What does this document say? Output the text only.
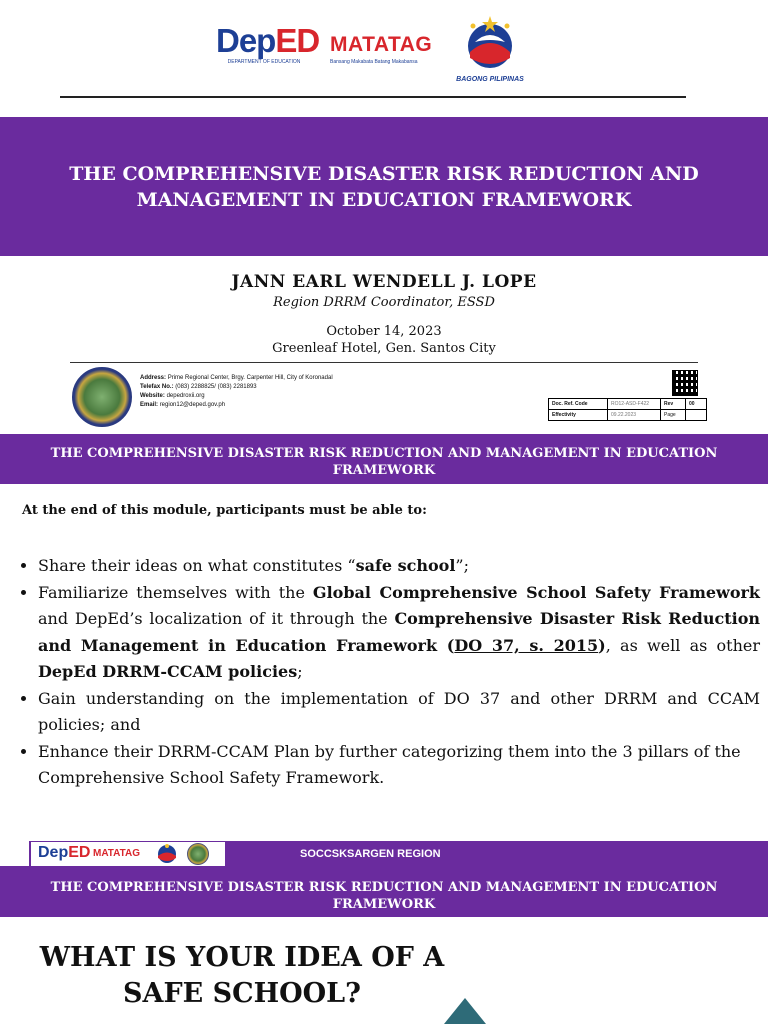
DepED
DEPARTMENT OF EDUCATION
MATATAG
Bansang Makabata Batang Makabansa
BAGONG PILIPINAS
THE COMPREHENSIVE DISASTER RISK REDUCTION AND MANAGEMENT IN EDUCATION FRAMEWORK
JANN EARL WENDELL J. LOPE
Region DRRM Coordinator, ESSD
October 14, 2023
Greenleaf Hotel, Gen. Santos City
Address: Prime Regional Center, Brgy. Carpenter Hill, City of Koronadal
Telefax No.: (083) 2288825/ (083) 2281893
Website: depedroxii.org
Email: region12@deped.gov.ph	Doc. Ref. Code	RO12-ASD-F422	Rev	00
Effectivity	09.22.2023	Page	
THE COMPREHENSIVE DISASTER RISK REDUCTION AND MANAGEMENT IN EDUCATION FRAMEWORK
At the end of this module, participants must be able to:
• Share their ideas on what constitutes “safe school”;
• Familiarize themselves with the Global Comprehensive School Safety Framework and DepEd’s localization of it through the Comprehensive Disaster Risk Reduction and Management in Education Framework (DO 37, s. 2015), as well as other DepEd DRRM-CCAM policies;
• Gain understanding on the implementation of DO 37 and other DRRM and CCAM policies; and
• Enhance their DRRM-CCAM Plan by further categorizing them into the 3 pillars of the Comprehensive School Safety Framework.
DepED MATATAG	SOCCSKSARGEN REGION
THE COMPREHENSIVE DISASTER RISK REDUCTION AND MANAGEMENT IN EDUCATION FRAMEWORK
WHAT IS YOUR IDEA OF A SAFE SCHOOL?
